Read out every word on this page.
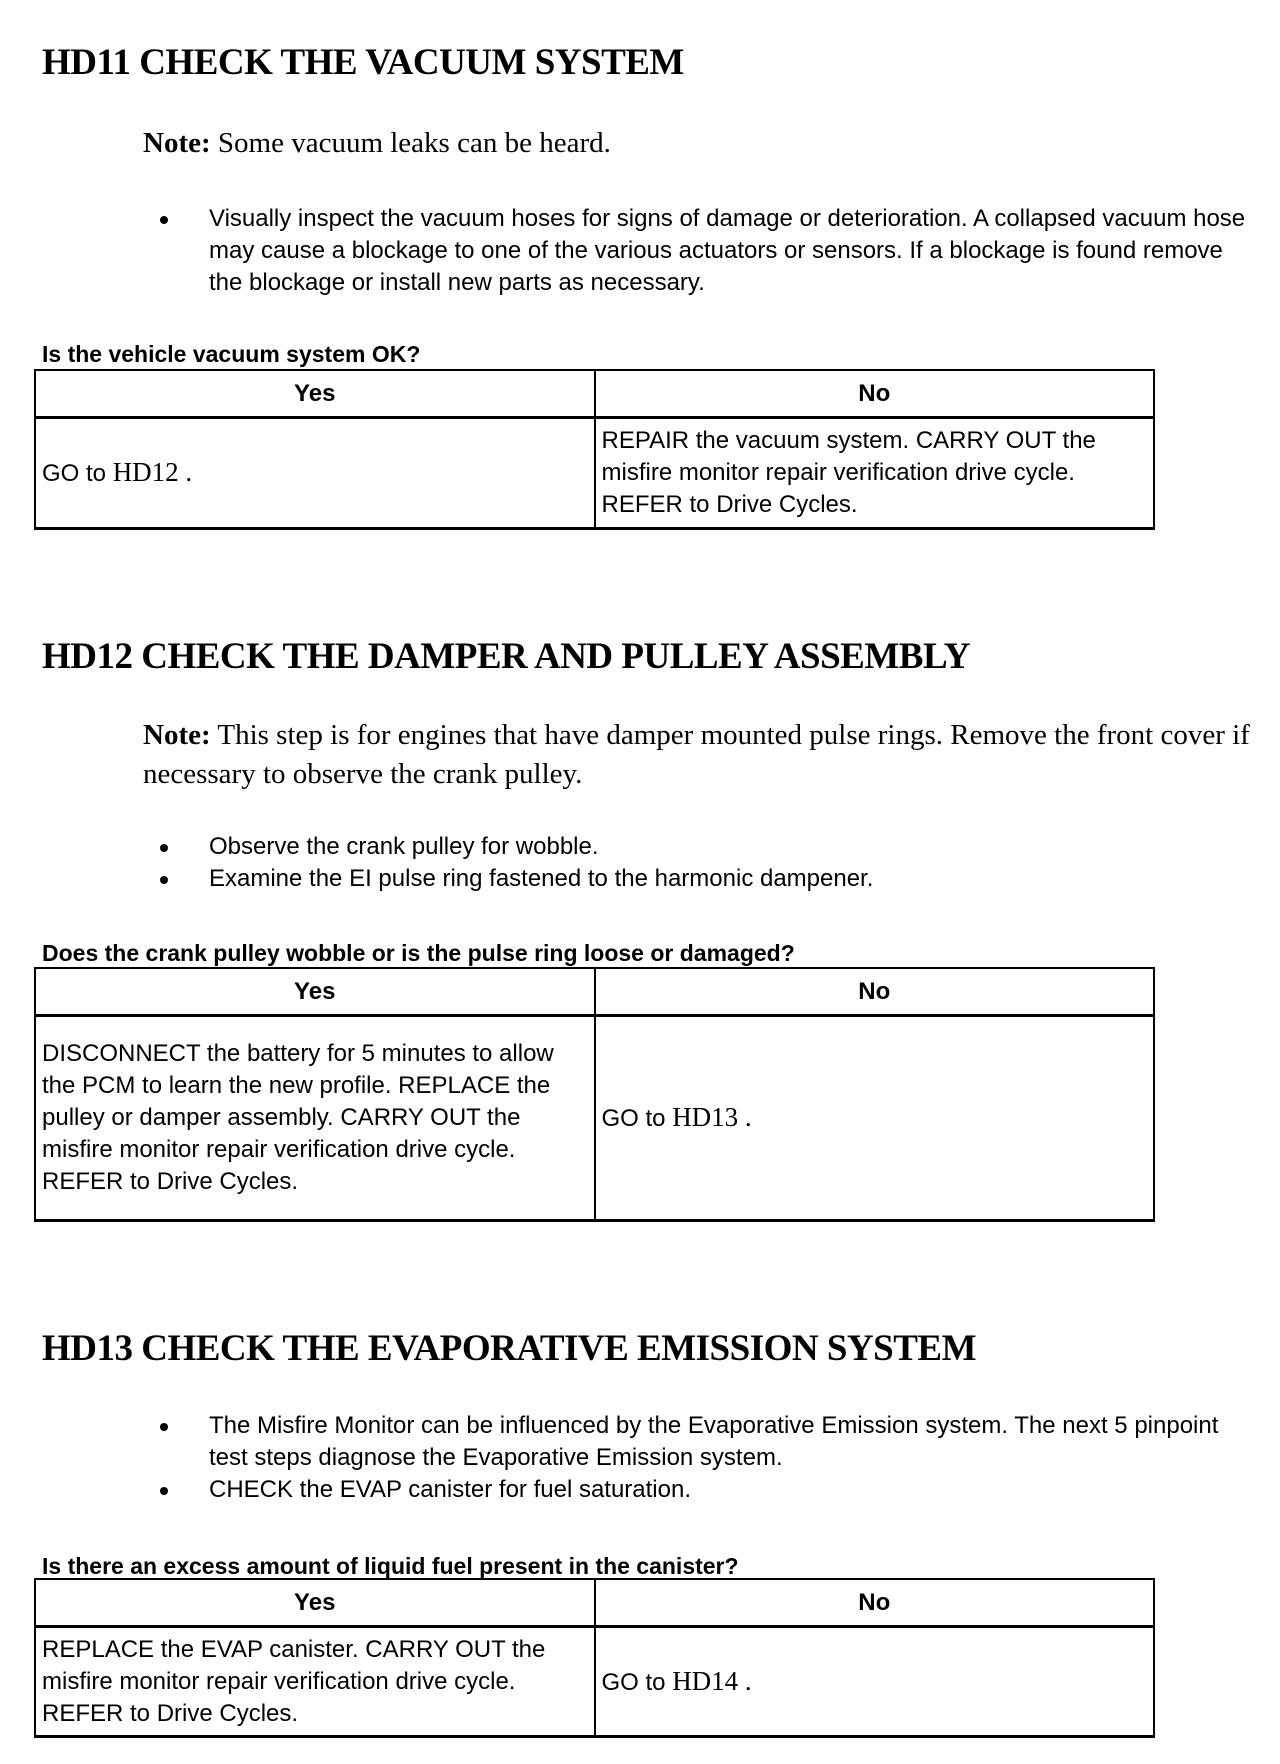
HD11 CHECK THE VACUUM SYSTEM
Note: Some vacuum leaks can be heard.
Visually inspect the vacuum hoses for signs of damage or deterioration. A collapsed vacuum hose may cause a blockage to one of the various actuators or sensors. If a blockage is found remove the blockage or install new parts as necessary.
Is the vehicle vacuum system OK?
Yes	No
GO to HD12 .	REPAIR the vacuum system. CARRY OUT the misfire monitor repair verification drive cycle. REFER to Drive Cycles.
HD12 CHECK THE DAMPER AND PULLEY ASSEMBLY
Note: This step is for engines that have damper mounted pulse rings. Remove the front cover if necessary to observe the crank pulley.
Observe the crank pulley for wobble.
Examine the EI pulse ring fastened to the harmonic dampener.
Does the crank pulley wobble or is the pulse ring loose or damaged?
Yes	No
DISCONNECT the battery for 5 minutes to allow the PCM to learn the new profile. REPLACE the pulley or damper assembly. CARRY OUT the misfire monitor repair verification drive cycle. REFER to Drive Cycles.	GO to HD13 .
HD13 CHECK THE EVAPORATIVE EMISSION SYSTEM
The Misfire Monitor can be influenced by the Evaporative Emission system. The next 5 pinpoint test steps diagnose the Evaporative Emission system.
CHECK the EVAP canister for fuel saturation.
Is there an excess amount of liquid fuel present in the canister?
Yes	No
REPLACE the EVAP canister. CARRY OUT the misfire monitor repair verification drive cycle. REFER to Drive Cycles.	GO to HD14 .
